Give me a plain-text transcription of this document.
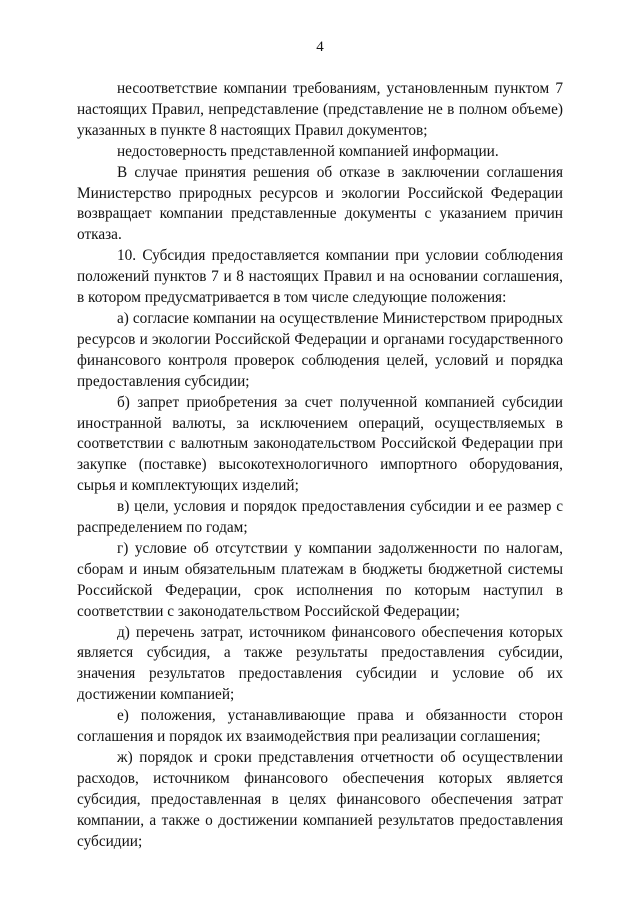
4

несоответствие компании требованиям, установленным пунктом 7 настоящих Правил, непредставление (представление не в полном объеме) указанных в пункте 8 настоящих Правил документов;

недостоверность представленной компанией информации.

В случае принятия решения об отказе в заключении соглашения Министерство природных ресурсов и экологии Российской Федерации возвращает компании представленные документы с указанием причин отказа.

10. Субсидия предоставляется компании при условии соблюдения положений пунктов 7 и 8 настоящих Правил и на основании соглашения, в котором предусматривается в том числе следующие положения:

а) согласие компании на осуществление Министерством природных ресурсов и экологии Российской Федерации и органами государственного финансового контроля проверок соблюдения целей, условий и порядка предоставления субсидии;

б) запрет приобретения за счет полученной компанией субсидии иностранной валюты, за исключением операций, осуществляемых в соответствии с валютным законодательством Российской Федерации при закупке (поставке) высокотехнологичного импортного оборудования, сырья и комплектующих изделий;

в) цели, условия и порядок предоставления субсидии и ее размер с распределением по годам;

г) условие об отсутствии у компании задолженности по налогам, сборам и иным обязательным платежам в бюджеты бюджетной системы Российской Федерации, срок исполнения по которым наступил в соответствии с законодательством Российской Федерации;

д) перечень затрат, источником финансового обеспечения которых является субсидия, а также результаты предоставления субсидии, значения результатов предоставления субсидии и условие об их достижении компанией;

е) положения, устанавливающие права и обязанности сторон соглашения и порядок их взаимодействия при реализации соглашения;

ж) порядок и сроки представления отчетности об осуществлении расходов, источником финансового обеспечения которых является субсидия, предоставленная в целях финансового обеспечения затрат компании, а также о достижении компанией результатов предоставления субсидии;
